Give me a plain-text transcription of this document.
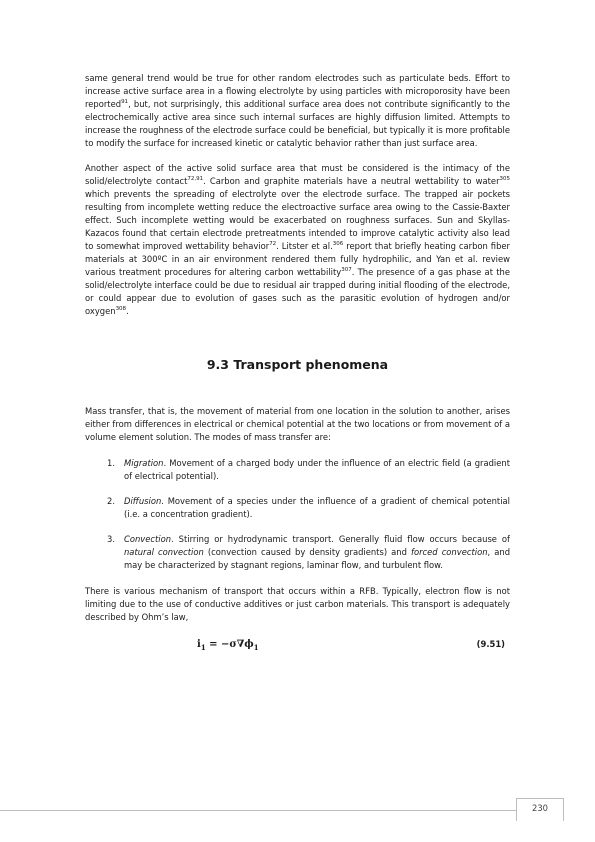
same general trend would be true for other random electrodes such as particulate beds. Effort to increase active surface area in a flowing electrolyte by using particles with microporosity have been reported$^{91}$, but, not surprisingly, this additional surface area does not contribute significantly to the electrochemically active area since such internal surfaces are highly diffusion limited. Attempts to increase the roughness of the electrode surface could be beneficial, but typically it is more profitable to modify the surface for increased kinetic or catalytic behavior rather than just surface area.

Another aspect of the active solid surface area that must be considered is the intimacy of the solid/electrolyte contact$^{72,91}$. Carbon and graphite materials have a neutral wettability to water$^{305}$ which prevents the spreading of electrolyte over the electrode surface. The trapped air pockets resulting from incomplete wetting reduce the electroactive surface area owing to the Cassie-Baxter effect. Such incomplete wetting would be exacerbated on roughness surfaces. Sun and Skyllas-Kazacos found that certain electrode pretreatments intended to improve catalytic activity also lead to somewhat improved wettability behavior$^{72}$. Litster et al.$^{306}$ report that briefly heating carbon fiber materials at 300ºC in an air environment rendered them fully hydrophilic, and Yan et al. review various treatment procedures for altering carbon wettability$^{307}$. The presence of a gas phase at the solid/electrolyte interface could be due to residual air trapped during initial flooding of the electrode, or could appear due to evolution of gases such as the parasitic evolution of hydrogen and/or oxygen$^{308}$.

9.3 Transport phenomena

Mass transfer, that is, the movement of material from one location in the solution to another, arises either from differences in electrical or chemical potential at the two locations or from movement of a volume element solution. The modes of mass transfer are:

1. Migration. Movement of a charged body under the influence of an electric field (a gradient of electrical potential).
2. Diffusion. Movement of a species under the influence of a gradient of chemical potential (i.e. a concentration gradient).
3. Convection. Stirring or hydrodynamic transport. Generally fluid flow occurs because of natural convection (convection caused by density gradients) and forced convection, and may be characterized by stagnant regions, laminar flow, and turbulent flow.

There is various mechanism of transport that occurs within a RFB. Typically, electron flow is not limiting due to the use of conductive additives or just carbon materials. This transport is adequately described by Ohm’s law,

$i_1 = -\sigma\nabla\phi_1$	(9.51)
230
